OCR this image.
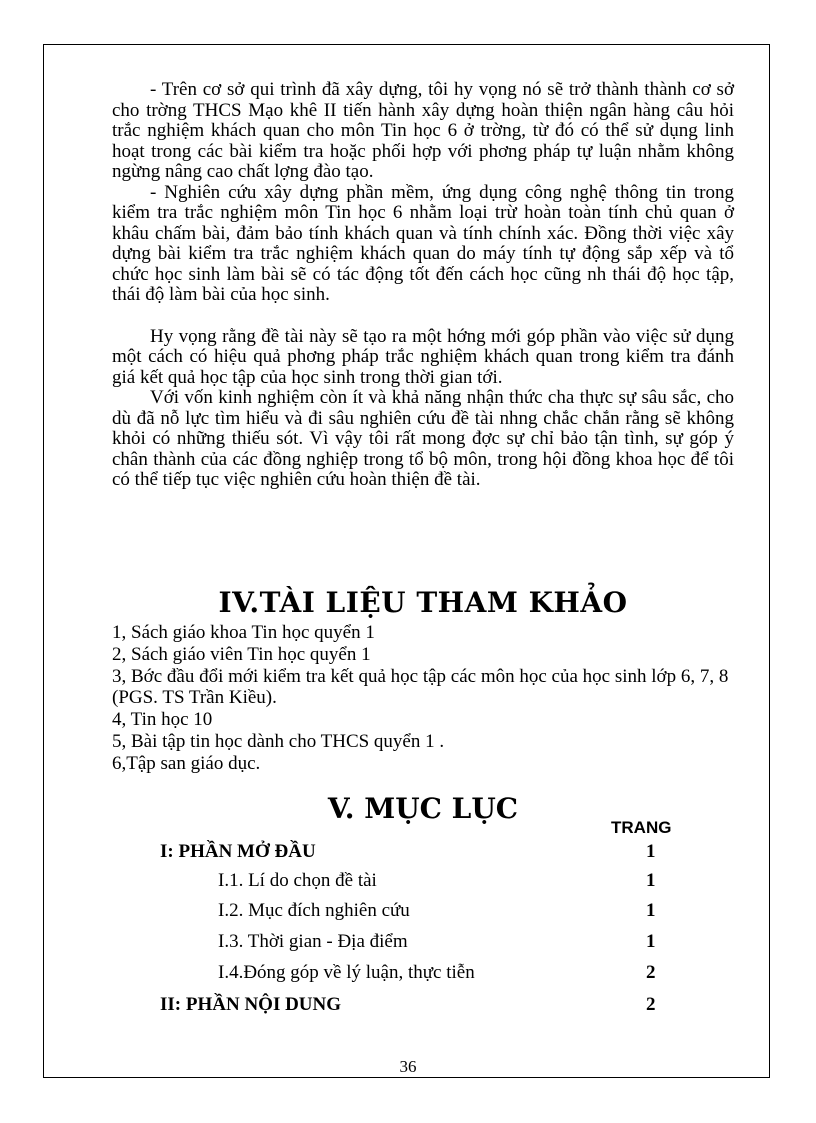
- Trên cơ sở qui trình đã xây dựng, tôi hy vọng nó sẽ trở thành thành cơ sở cho trờng THCS Mạo khê II tiến hành xây dựng hoàn thiện ngân hàng câu hỏi trắc nghiệm khách quan cho môn Tin học 6 ở trờng, từ đó có thể sử dụng linh hoạt trong các bài kiểm tra hoặc phối hợp với phơng pháp tự luận nhằm không ngừng nâng cao chất lợng đào tạo.

- Nghiên cứu xây dựng phần mềm, ứng dụng công nghệ thông tin trong kiểm tra trắc nghiệm môn Tin học 6 nhằm loại trừ hoàn toàn tính chủ quan ở khâu chấm bài, đảm bảo tính khách quan và tính chính xác. Đồng thời việc xây dựng bài kiểm tra trắc nghiệm khách quan do máy tính tự động sắp xếp và tổ chức học sinh làm bài sẽ có tác động tốt đến cách học cũng nh thái độ học tập, thái độ làm bài của học sinh.

Hy vọng rằng đề tài này sẽ tạo ra một hớng mới góp phần vào việc sử dụng một cách có hiệu quả phơng pháp trắc nghiệm khách quan trong kiểm tra đánh giá kết quả học tập của học sinh trong thời gian tới.

Với vốn kinh nghiệm còn ít và khả năng nhận thức cha thực sự sâu sắc, cho dù đã nỗ lực tìm hiểu và đi sâu nghiên cứu đề tài nhng chắc chắn rằng sẽ không khỏi có những thiếu sót. Vì vậy tôi rất mong đợc sự chỉ bảo tận tình, sự góp ý chân thành của các đồng nghiệp trong tổ bộ môn, trong hội đồng khoa học để tôi có thể tiếp tục việc nghiên cứu hoàn thiện đề tài.

IV.TÀI LIỆU THAM KHẢO
1, Sách giáo khoa Tin học quyển 1
2, Sách giáo viên Tin học quyển 1
3, Bớc đầu đổi mới kiểm tra kết quả học tập các môn học của học sinh lớp 6, 7, 8 (PGS. TS Trần Kiều).
4, Tin học 10
5, Bài tập tin học dành cho THCS quyển 1 .
6,Tập san giáo dục.
V. MỤC LỤC
TRANG
I: PHẦN MỞ ĐẦU	1
I.1. Lí do chọn đề tài	1
I.2. Mục đích nghiên cứu	1
I.3. Thời gian - Địa điểm	1
I.4.Đóng góp về lý luận, thực tiễn	2
II: PHẦN NỘI DUNG	2
36
